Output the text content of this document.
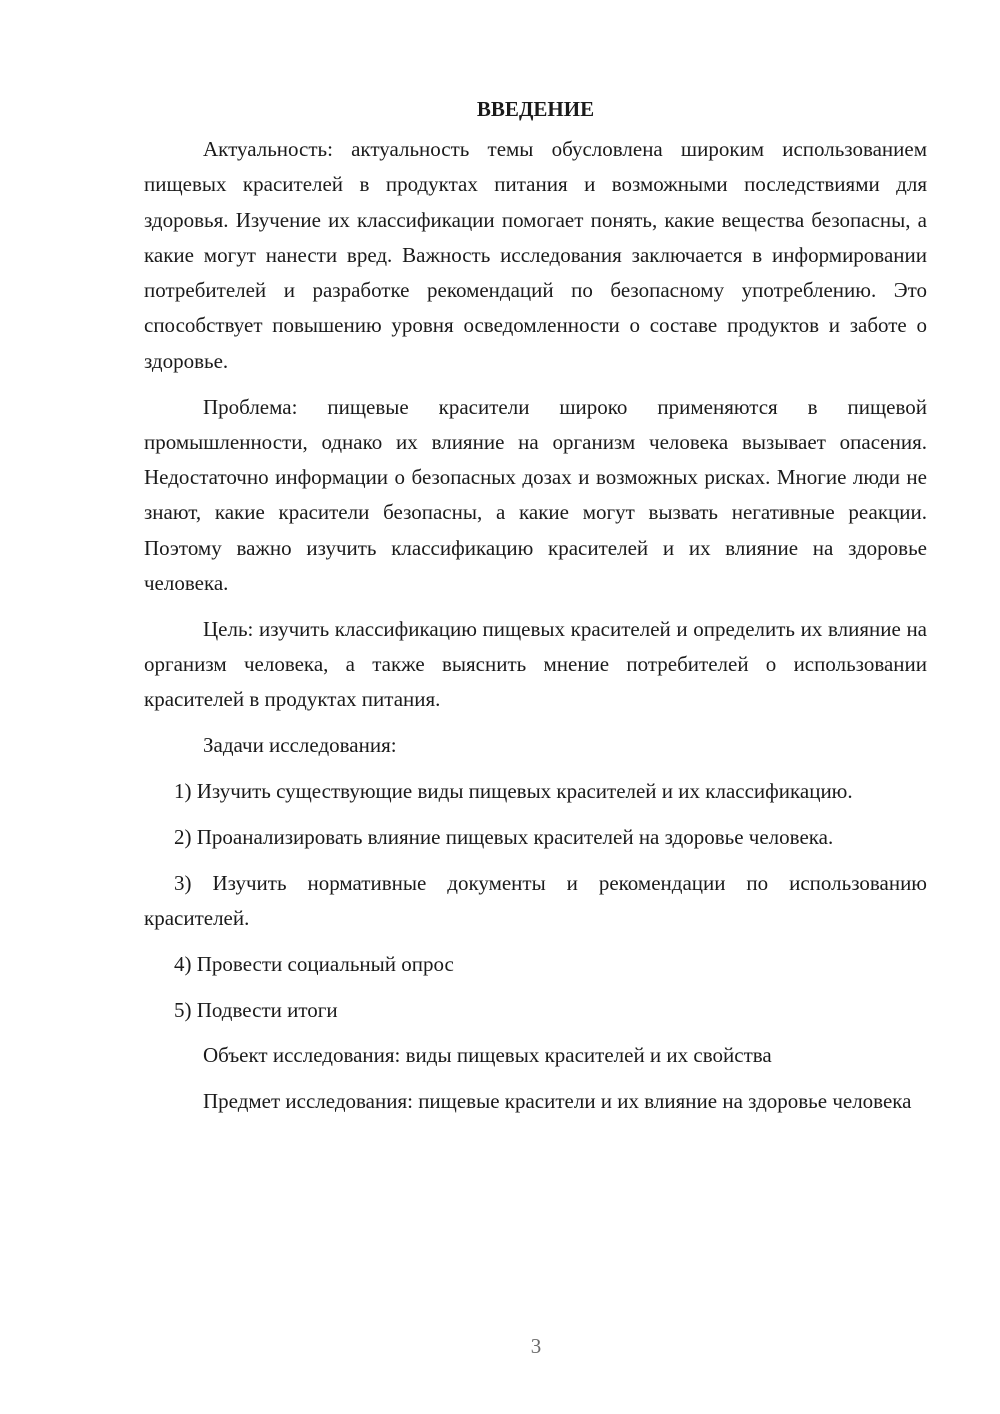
ВВЕДЕНИЕ

Актуальность: актуальность темы обусловлена широким использованием пищевых красителей в продуктах питания и возможными последствиями для здоровья. Изучение их классификации помогает понять, какие вещества безопасны, а какие могут нанести вред. Важность исследования заключается в информировании потребителей и разработке рекомендаций по безопасному употреблению. Это способствует повышению уровня осведомленности о составе продуктов и заботе о здоровье.

Проблема: пищевые красители широко применяются в пищевой промышленности, однако их влияние на организм человека вызывает опасения. Недостаточно информации о безопасных дозах и возможных рисках. Многие люди не знают, какие красители безопасны, а какие могут вызвать негативные реакции. Поэтому важно изучить классификацию красителей и их влияние на здоровье человека.

Цель: изучить классификацию пищевых красителей и определить их влияние на организм человека, а также выяснить мнение потребителей о использовании красителей в продуктах питания.

Задачи исследования:

1) Изучить существующие виды пищевых красителей и их классификацию.

2) Проанализировать влияние пищевых красителей на здоровье человека.

3) Изучить нормативные документы и рекомендации по использованию красителей.

4) Провести социальный опрос

5) Подвести итоги

Объект исследования: виды пищевых красителей и их свойства

Предмет исследования: пищевые красители и их влияние на здоровье человека

3
